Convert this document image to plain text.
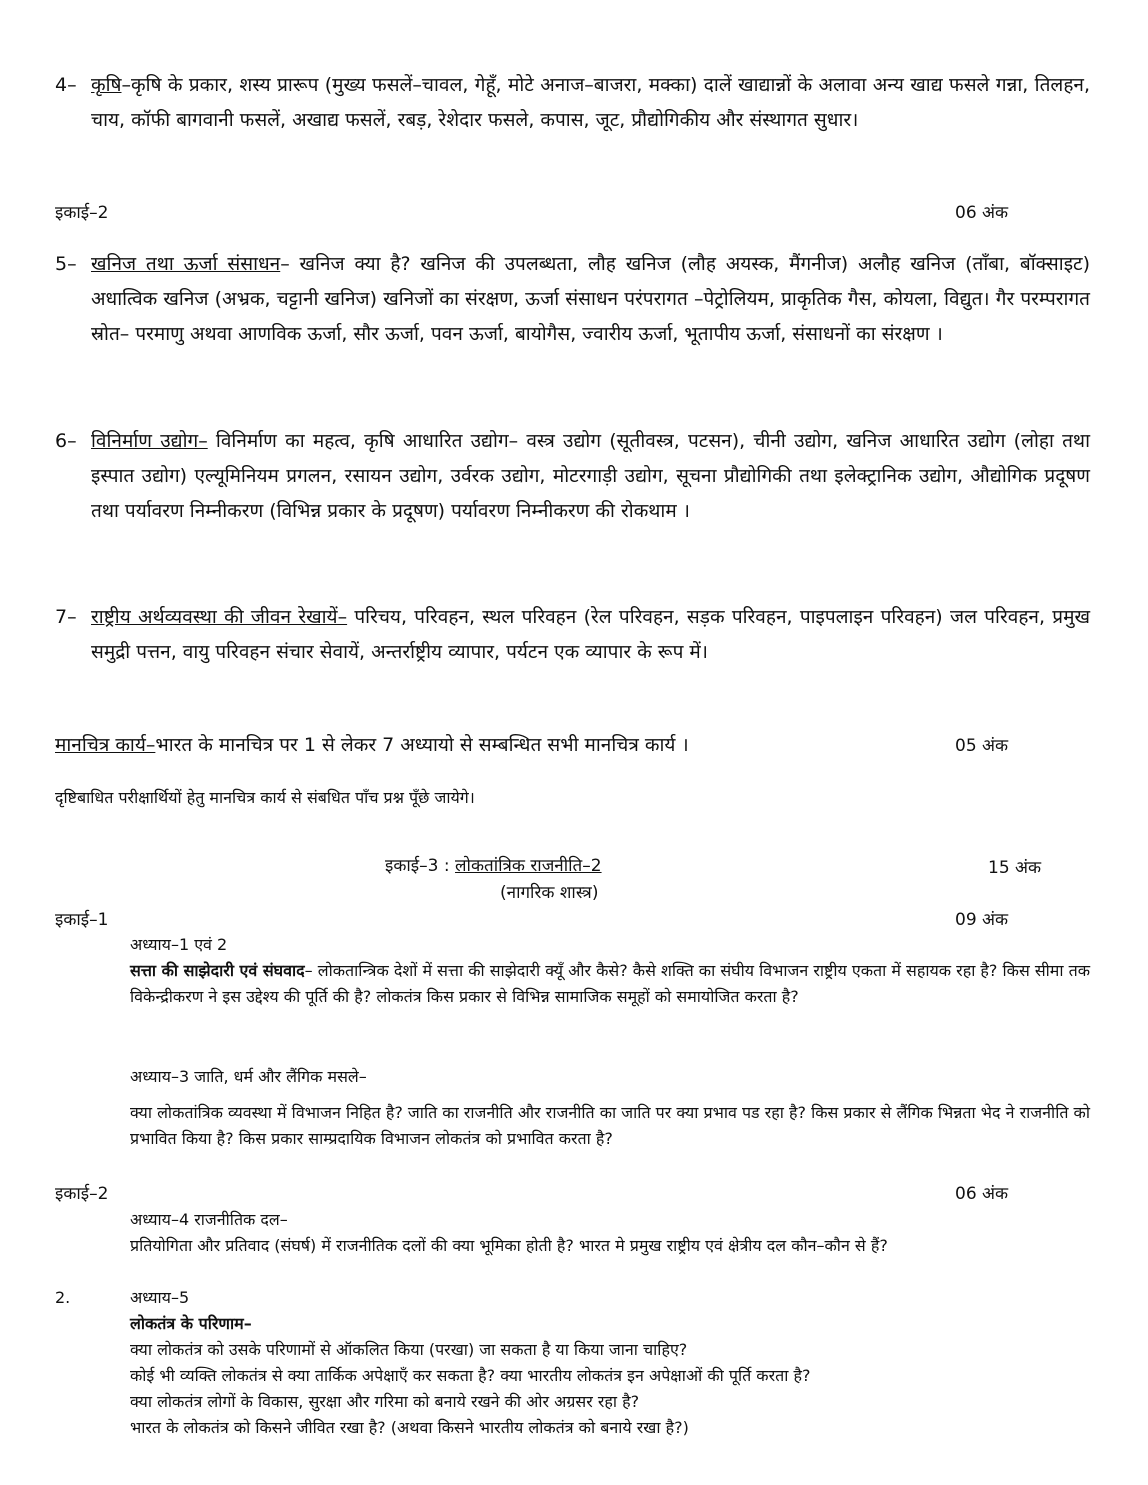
4– कृषि–कृषि के प्रकार, शस्य प्रारूप (मुख्य फसलें–चावल, गेहूँ, मोटे अनाज–बाजरा, मक्का) दालें खाद्यान्नों के अलावा अन्य खाद्य फसले गन्ना, तिलहन, चाय, कॉफी बागवानी फसलें, अखाद्य फसलें, रबड़, रेशेदार फसले, कपास, जूट, प्रौद्योगिकीय और संस्थागत सुधार।
इकाई–2	06 अंक
5– खनिज तथा ऊर्जा संसाधन– खनिज क्या है? खनिज की उपलब्धता, लौह खनिज (लौह अयस्क, मैंगनीज) अलौह खनिज (ताँबा, बॉक्साइट) अधात्विक खनिज (अभ्रक, चट्टानी खनिज) खनिजों का संरक्षण, ऊर्जा संसाधन परंपरागत –पेट्रोलियम, प्राकृतिक गैस, कोयला, विद्युत। गैर परम्परागत स्रोत– परमाणु अथवा आणविक ऊर्जा, सौर ऊर्जा, पवन ऊर्जा, बायोगैस, ज्वारीय ऊर्जा, भूतापीय ऊर्जा, संसाधनों का संरक्षण ।
6– विनिर्माण उद्योग– विनिर्माण का महत्व, कृषि आधारित उद्योग– वस्त्र उद्योग (सूतीवस्त्र, पटसन), चीनी उद्योग, खनिज आधारित उद्योग (लोहा तथा इस्पात उद्योग) एल्यूमिनियम प्रगलन, रसायन उद्योग, उर्वरक उद्योग, मोटरगाड़ी उद्योग, सूचना प्रौद्योगिकी तथा इलेक्ट्रानिक उद्योग, औद्योगिक प्रदूषण तथा पर्यावरण निम्नीकरण (विभिन्न प्रकार के प्रदूषण) पर्यावरण निम्नीकरण की रोकथाम ।
7– राष्ट्रीय अर्थव्यवस्था की जीवन रेखायें– परिचय, परिवहन, स्थल परिवहन (रेल परिवहन, सड़क परिवहन, पाइपलाइन परिवहन) जल परिवहन, प्रमुख समुद्री पत्तन, वायु परिवहन संचार सेवायें, अन्तर्राष्ट्रीय व्यापार, पर्यटन एक व्यापार के रूप में।
मानचित्र कार्य–भारत के मानचित्र पर 1 से लेकर 7 अध्यायो से सम्बन्धित सभी मानचित्र कार्य ।	05 अंक
दृष्टिबाधित परीक्षार्थियों हेतु मानचित्र कार्य से संबधित पाँच प्रश्न पूँछे जायेगे।
इकाई–3 : लोकतांत्रिक राजनीति–2
(नागरिक शास्त्र)
15 अंक
इकाई–1	09 अंक
अध्याय–1 एवं 2
सत्ता की साझेदारी एवं संघवाद– लोकतान्त्रिक देशों में सत्ता की साझेदारी क्यूँ और कैसे? कैसे शक्ति का संघीय विभाजन राष्ट्रीय एकता में सहायक रहा है? किस सीमा तक विकेन्द्रीकरण ने इस उद्देश्य की पूर्ति की है? लोकतंत्र किस प्रकार से विभिन्न सामाजिक समूहों को समायोजित करता है?
अध्याय–3 जाति, धर्म और लैंगिक मसले–
क्या लोकतांत्रिक व्यवस्था में विभाजन निहित है? जाति का राजनीति और राजनीति का जाति पर क्या प्रभाव पड रहा है? किस प्रकार से लैंगिक भिन्नता भेद ने राजनीति को प्रभावित किया है? किस प्रकार साम्प्रदायिक विभाजन लोकतंत्र को प्रभावित करता है?
इकाई–2	06 अंक
अध्याय–4 राजनीतिक दल–
प्रतियोगिता और प्रतिवाद (संघर्ष) में राजनीतिक दलों की क्या भूमिका होती है? भारत मे प्रमुख राष्ट्रीय एवं क्षेत्रीय दल कौन–कौन से हैं?
2.	अध्याय–5
लोकतंत्र के परिणाम–
क्या लोकतंत्र को उसके परिणामों से ऑकलित किया (परखा) जा सकता है या किया जाना चाहिए?
कोई भी व्यक्ति लोकतंत्र से क्या तार्किक अपेक्षाएँ कर सकता है? क्या भारतीय लोकतंत्र इन अपेक्षाओं की पूर्ति करता है?
क्या लोकतंत्र लोगों के विकास, सुरक्षा और गरिमा को बनाये रखने की ओर अग्रसर रहा है?
भारत के लोकतंत्र को किसने जीवित रखा है? (अथवा किसने भारतीय लोकतंत्र को बनाये रखा है?)
